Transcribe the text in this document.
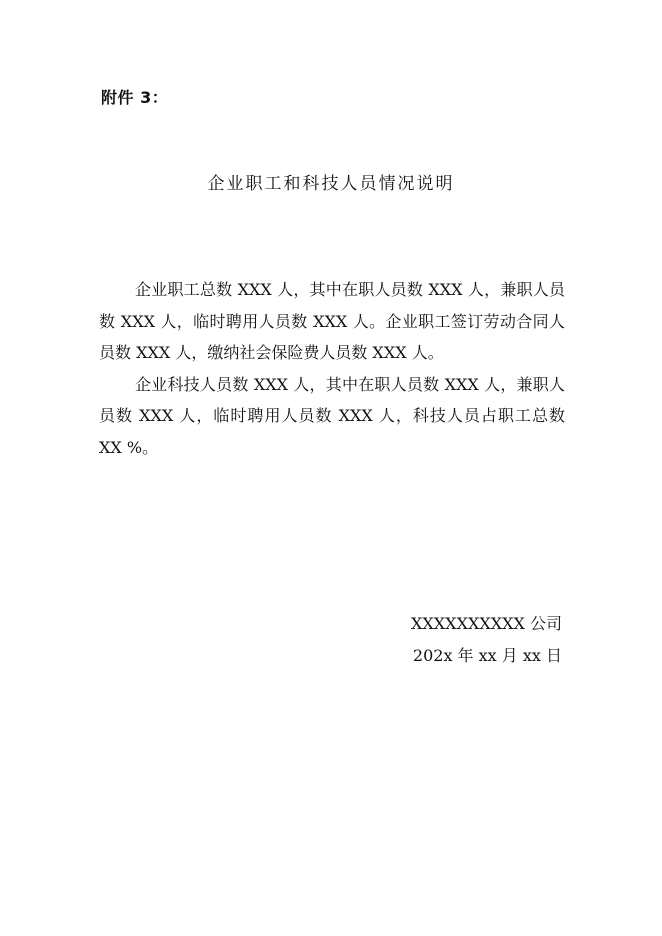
附件 3：
企业职工和科技人员情况说明

企业职工总数 XXX 人，其中在职人员数 XXX 人，兼职人员数 XXX 人，临时聘用人员数 XXX 人。企业职工签订劳动合同人员数 XXX 人，缴纳社会保险费人员数 XXX 人。

企业科技人员数 XXX 人，其中在职人员数 XXX 人，兼职人员数 XXX 人，临时聘用人员数 XXX 人，科技人员占职工总数 XX %。

XXXXXXXXXX 公司
202x 年 xx 月 xx 日
